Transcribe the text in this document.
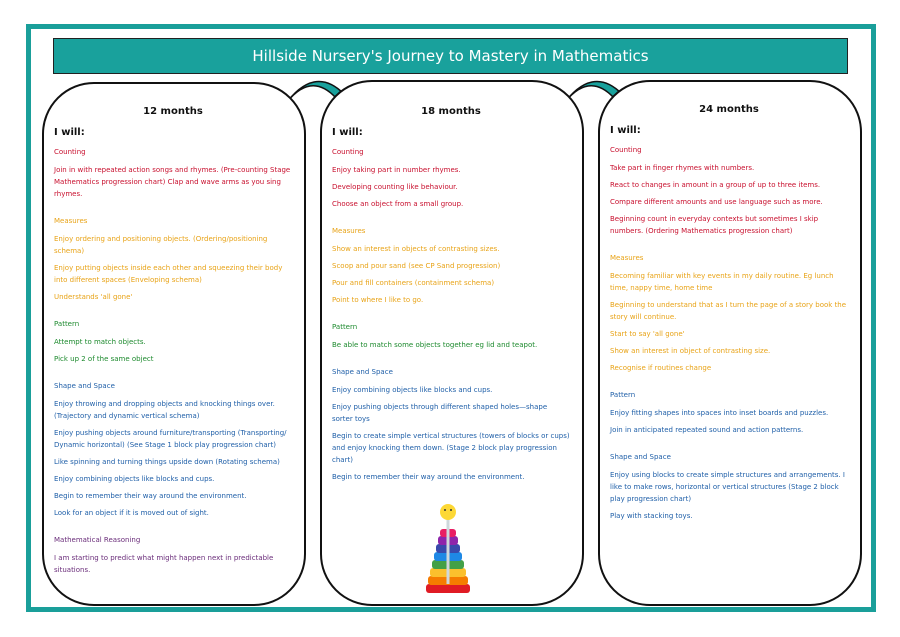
Hillside Nursery's Journey to Mastery in Mathematics
12 months
I will:
Counting
Join in with repeated action songs and rhymes. (Pre-counting Stage Mathematics progression chart) Clap and wave arms as you sing rhymes.
Measures
Enjoy ordering and positioning objects. (Ordering/positioning schema)
Enjoy putting objects inside each other and squeezing their body into different spaces (Enveloping schema)
Understands 'all gone'
Pattern
Attempt to match objects.
Pick up 2 of the same object
Shape and Space
Enjoy throwing and dropping objects and knocking things over. (Trajectory and dynamic vertical schema)
Enjoy pushing objects around furniture/transporting (Transporting/ Dynamic horizontal) (See Stage 1 block play progression chart)
Like spinning and turning things upside down (Rotating schema)
Enjoy combining objects like blocks and cups.
Begin to remember their way around the environment.
Look for an object if it is moved out of sight.
Mathematical Reasoning
I am starting to predict what might happen next in predictable situations.
18 months
I will:
Counting
Enjoy taking part in number rhymes.
Developing counting like behaviour.
Choose an object from a small group.
Measures
Show an interest in objects of contrasting sizes.
Scoop and pour sand (see CP Sand progression)
Pour and fill containers (containment schema)
Point to where I like to go.
Pattern
Be able to match some objects together eg lid and teapot.
Shape and Space
Enjoy combining objects like blocks and cups.
Enjoy pushing objects through different shaped holes—shape sorter toys
Begin to create simple vertical structures (towers of blocks or cups) and enjoy knocking them down. (Stage 2 block play progression chart)
Begin to remember their way around the environment.
24 months
I will:
Counting
Take part in finger rhymes with numbers.
React to changes in amount in a group of up to three items.
Compare different amounts and use language such as more.
Beginning count in everyday contexts but sometimes I skip numbers. (Ordering Mathematics progression chart)
Measures
Becoming familiar with key events in my daily routine. Eg lunch time, nappy time, home time
Beginning to understand that as I turn the page of a story book the story will continue.
Start to say 'all gone'
Show an interest in object of contrasting size.
Recognise if routines change
Pattern
Enjoy fitting shapes into spaces into inset boards and puzzles.
Join in anticipated repeated sound and action patterns.
Shape and Space
Enjoy using blocks to create simple structures and arrangements. I like to make rows, horizontal or vertical structures (Stage 2 block play progression chart)
Play with stacking toys.
